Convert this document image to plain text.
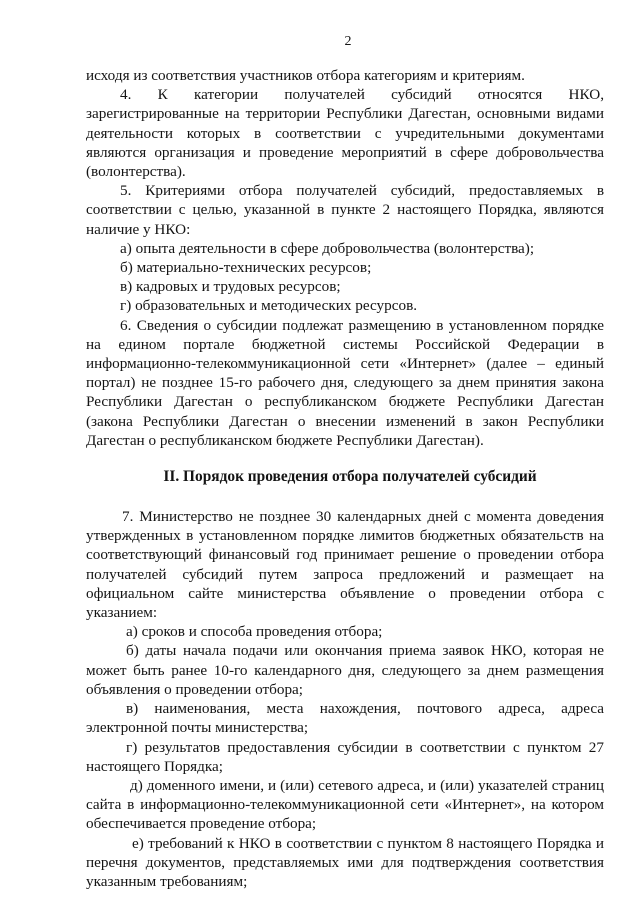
2
исходя из соответствия участников отбора категориям и критериям.
4. К категории получателей субсидий относятся НКО,
зарегистрированные на территории Республики Дагестан, основными видами
деятельности которых в соответствии с учредительными документами
являются организация и проведение мероприятий в сфере добровольчества
(волонтерства).
5. Критериями отбора получателей субсидий, предоставляемых в
соответствии с целью, указанной в пункте 2 настоящего Порядка, являются
наличие у НКО:
а) опыта деятельности в сфере добровольчества (волонтерства);
б) материально-технических ресурсов;
в) кадровых и трудовых ресурсов;
г) образовательных и методических ресурсов.
6. Сведения о субсидии подлежат размещению в установленном порядке
на едином портале бюджетной системы Российской Федерации в
информационно-телекоммуникационной сети «Интернет» (далее – единый
портал) не позднее 15-го рабочего дня, следующего за днем принятия закона
Республики Дагестан о республиканском бюджете Республики Дагестан
(закона Республики Дагестан о внесении изменений в закон Республики
Дагестан о республиканском бюджете Республики Дагестан).
II. Порядок проведения отбора получателей субсидий
7. Министерство не позднее 30 календарных дней с момента доведения
утвержденных в установленном порядке лимитов бюджетных обязательств на
соответствующий финансовый год принимает решение о проведении отбора
получателей субсидий путем запроса предложений и размещает на
официальном сайте министерства объявление о проведении отбора с
указанием:
а) сроков и способа проведения отбора;
б) даты начала подачи или окончания приема заявок НКО, которая не
может быть ранее 10-го календарного дня, следующего за днем размещения
объявления о проведении отбора;
в) наименования, места нахождения, почтового адреса, адреса
электронной почты министерства;
г) результатов предоставления субсидии в соответствии с пунктом 27
настоящего Порядка;
д) доменного имени, и (или) сетевого адреса, и (или) указателей страниц
сайта в информационно-телекоммуникационной сети «Интернет», на котором
обеспечивается проведение отбора;
е) требований к НКО в соответствии с пунктом 8 настоящего Порядка и
перечня документов, представляемых ими для подтверждения соответствия
указанным требованиям;
